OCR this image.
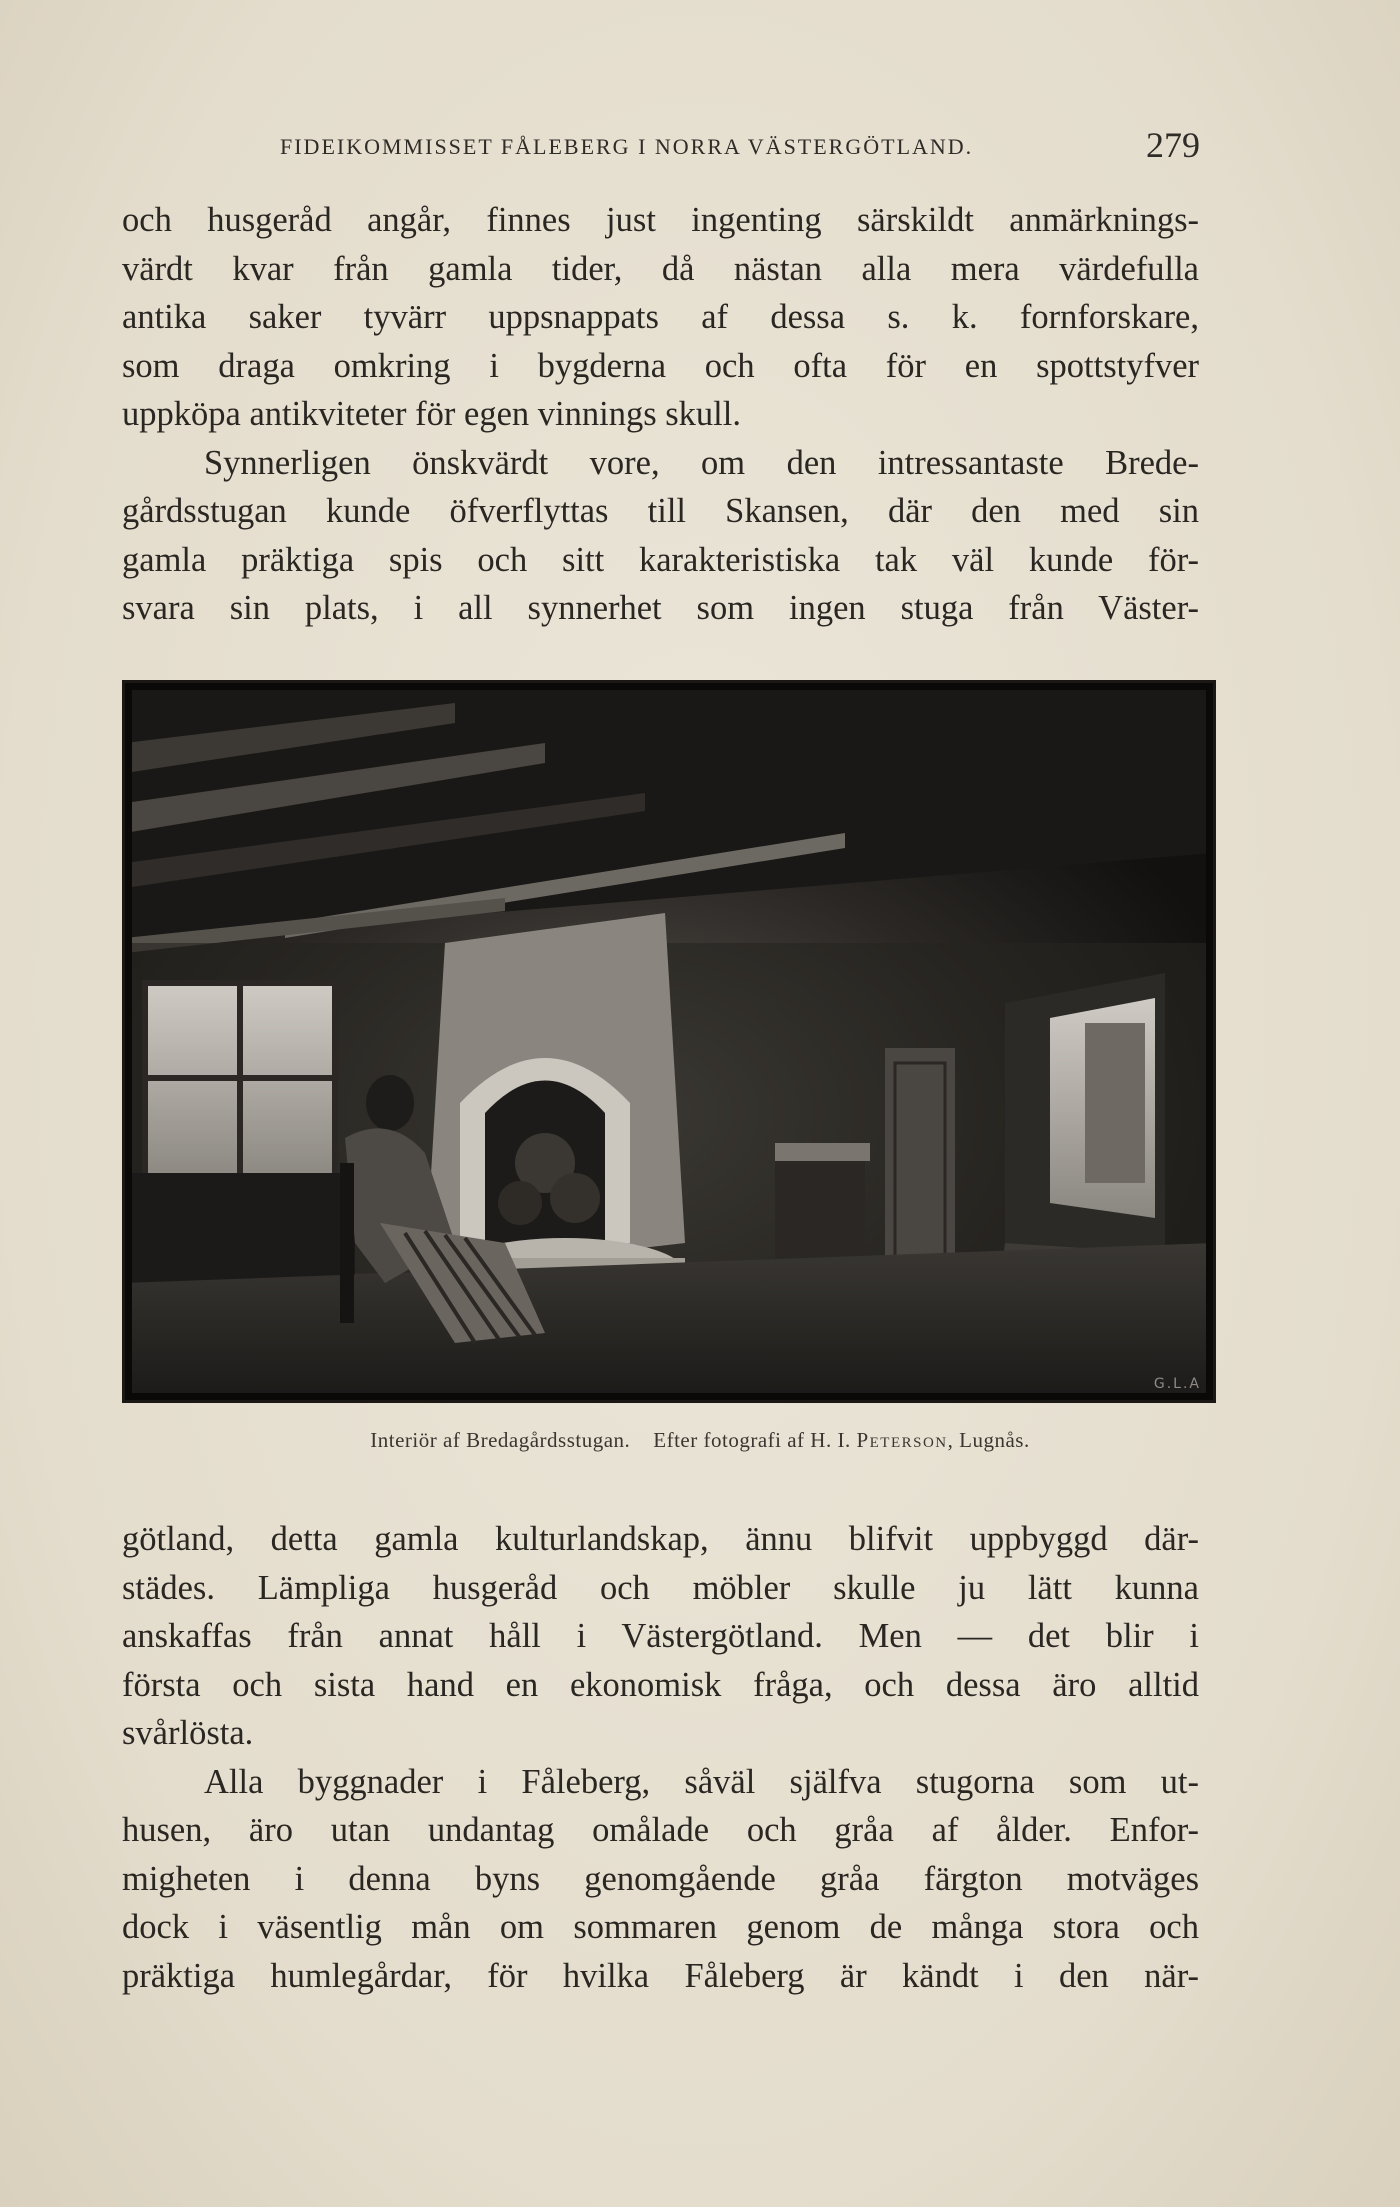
FIDEIKOMMISSET FÅLEBERG I NORRA VÄSTERGÖTLAND.	279
och husgeråd angår, finnes just ingenting särskildt anmärknings-
värdt kvar från gamla tider, då nästan alla mera värdefulla
antika saker tyvärr uppsnappats af dessa s. k. fornforskare,
som draga omkring i bygderna och ofta för en spottstyfver
uppköpa antikviteter för egen vinnings skull.
Synnerligen önskvärdt vore, om den intressantaste Brede-
gårdsstugan kunde öfverflyttas till Skansen, där den med sin
gamla präktiga spis och sitt karakteristiska tak väl kunde för-
svara sin plats, i all synnerhet som ingen stuga från Väster-
G.L.A
Interiör af Bredagårdsstugan. Efter fotografi af H. I. Peterson, Lugnås.
götland, detta gamla kulturlandskap, ännu blifvit uppbyggd där-
städes. Lämpliga husgeråd och möbler skulle ju lätt kunna
anskaffas från annat håll i Västergötland. Men — det blir i
första och sista hand en ekonomisk fråga, och dessa äro alltid
svårlösta.
Alla byggnader i Fåleberg, såväl själfva stugorna som ut-
husen, äro utan undantag omålade och gråa af ålder. Enfor-
migheten i denna byns genomgående gråa färgton motväges
dock i väsentlig mån om sommaren genom de många stora och
präktiga humlegårdar, för hvilka Fåleberg är kändt i den när-
